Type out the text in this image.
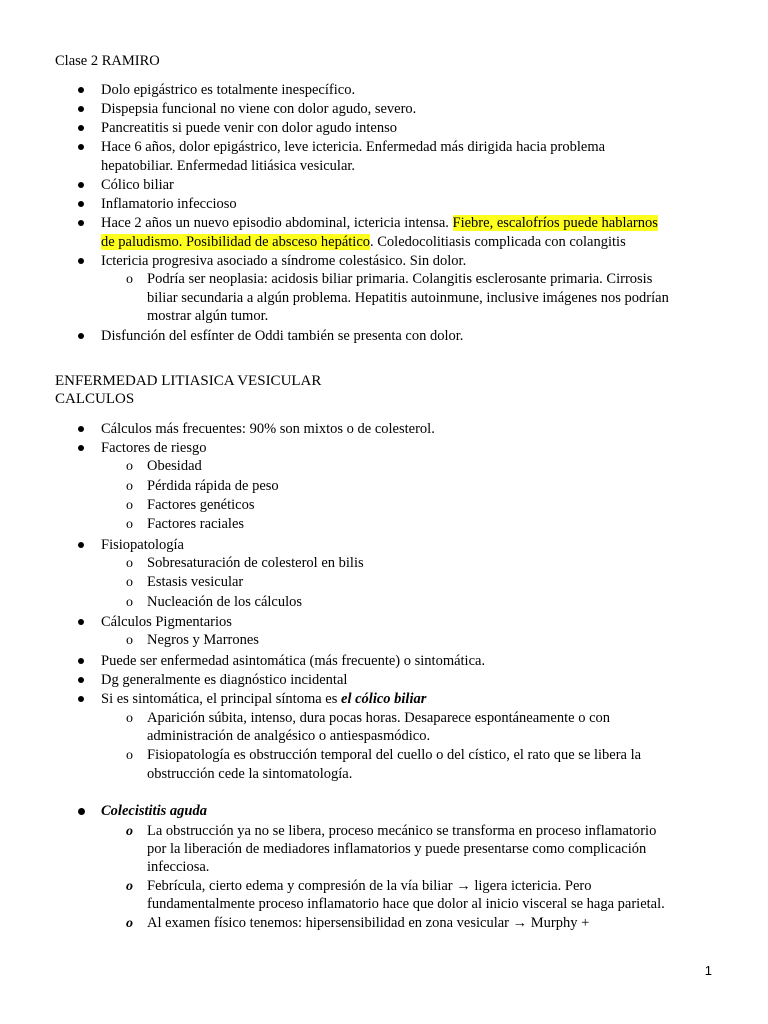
Clase 2 RAMIRO
Dolo epigástrico es totalmente inespecífico.
Dispepsia funcional no viene con dolor agudo, severo.
Pancreatitis si puede venir con dolor agudo intenso
Hace 6 años, dolor epigástrico, leve ictericia. Enfermedad más dirigida hacia problema
hepatobiliar. Enfermedad litiásica vesicular.
Cólico biliar
Inflamatorio infeccioso
Hace 2 años un nuevo episodio abdominal, ictericia intensa. Fiebre, escalofríos puede hablarnos
de paludismo. Posibilidad de absceso hepático. Coledocolitiasis complicada con colangitis
Ictericia progresiva asociado a síndrome colestásico. Sin dolor.
o Podría ser neoplasia: acidosis biliar primaria. Colangitis esclerosante primaria. Cirrosis
biliar secundaria a algún problema. Hepatitis autoinmune, inclusive imágenes nos podrían
mostrar algún tumor.
Disfunción del esfínter de Oddi también se presenta con dolor.
ENFERMEDAD LITIASICA VESICULAR
CALCULOS
Cálculos más frecuentes: 90% son mixtos o de colesterol.
Factores de riesgo
o Obesidad
o Pérdida rápida de peso
o Factores genéticos
o Factores raciales
Fisiopatología
o Sobresaturación de colesterol en bilis
o Estasis vesicular
o Nucleación de los cálculos
Cálculos Pigmentarios
o Negros y Marrones
Puede ser enfermedad asintomática (más frecuente) o sintomática.
Dg generalmente es diagnóstico incidental
Si es sintomática, el principal síntoma es el cólico biliar
o Aparición súbita, intenso, dura pocas horas. Desaparece espontáneamente o con
administración de analgésico o antiespasmódico.
o Fisiopatología es obstrucción temporal del cuello o del cístico, el rato que se libera la
obstrucción cede la sintomatología.
Colecistitis aguda
o La obstrucción ya no se libera, proceso mecánico se transforma en proceso inflamatorio
por la liberación de mediadores inflamatorios y puede presentarse como complicación
infecciosa.
o Febrícula, cierto edema y compresión de la vía biliar → ligera ictericia. Pero
fundamentalmente proceso inflamatorio hace que dolor al inicio visceral se haga parietal.
o Al examen físico tenemos: hipersensibilidad en zona vesicular → Murphy +
1
